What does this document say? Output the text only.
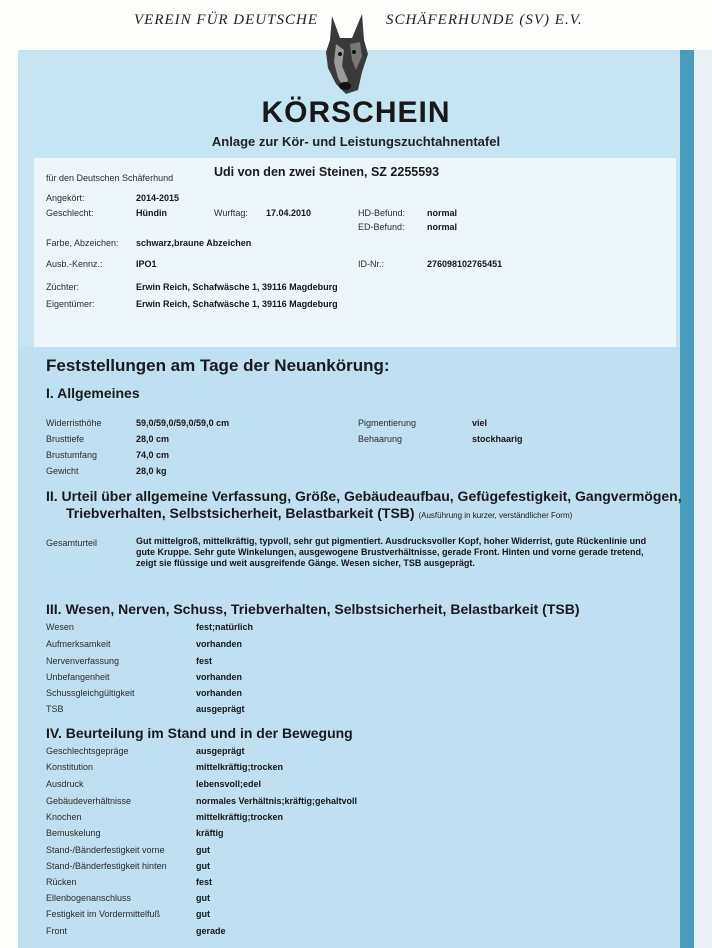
VEREIN FÜR DEUTSCHE	SCHÄFERHUNDE (SV) E.V.
KÖRSCHEIN
Anlage zur Kör- und Leistungszuchtahnentafel
für den Deutschen Schäferhund	Udi von den zwei Steinen, SZ 2255593
Angekört:	2014-2015
Geschlecht:	Hündin	Wurftag: 17.04.2010	HD-Befund: normal
ED-Befund: normal
Farbe, Abzeichen: schwarz,braune Abzeichen
Ausb.-Kennz.:	IPO1	ID-Nr.:	276098102765451
Züchter:	Erwin Reich, Schafwäsche 1, 39116 Magdeburg
Eigentümer:	Erwin Reich, Schafwäsche 1, 39116 Magdeburg
Feststellungen am Tage der Neuankörung:
I. Allgemeines
Widerristhöhe	59,0/59,0/59,0/59,0 cm
Brusttiefe	28,0 cm
Brustumfang	74,0 cm
Gewicht	28,0 kg
Pigmentierung	viel
Behaarung	stockhaarig
II. Urteil über allgemeine Verfassung, Größe, Gebäudeaufbau, Gefügefestigkeit, Gangvermögen,
Triebverhalten, Selbstsicherheit, Belastbarkeit (TSB) (Ausführung in kurzer, verständlicher Form)
Gesamturteil	Gut mittelgroß, mittelkräftig, typvoll, sehr gut pigmentiert. Ausdrucksvoller Kopf, hoher Widerrist, gute Rückenlinie und gute Kruppe. Sehr gute Winkelungen, ausgewogene Brustverhältnisse, gerade Front. Hinten und vorne gerade tretend, zeigt sie flüssige und weit ausgreifende Gänge. Wesen sicher, TSB ausgeprägt.
III. Wesen, Nerven, Schuss, Triebverhalten, Selbstsicherheit, Belastbarkeit (TSB)
Wesen	fest;natürlich
Aufmerksamkeit	vorhanden
Nervenverfassung	fest
Unbefangenheit	vorhanden
Schussgleichgültigkeit	vorhanden
TSB	ausgeprägt
IV. Beurteilung im Stand und in der Bewegung
Geschlechtsgepräge	ausgeprägt
Konstitution	mittelkräftig;trocken
Ausdruck	lebensvoll;edel
Gebäudeverhältnisse	normales Verhältnis;kräftig;gehaltvoll
Knochen	mittelkräftig;trocken
Bemuskelung	kräftig
Stand-/Bänderfestigkeit vorne	gut
Stand-/Bänderfestigkeit hinten	gut
Rücken	fest
Ellenbogenanschluss	gut
Festigkeit im Vordermittelfuß	gut
Front	gerade
